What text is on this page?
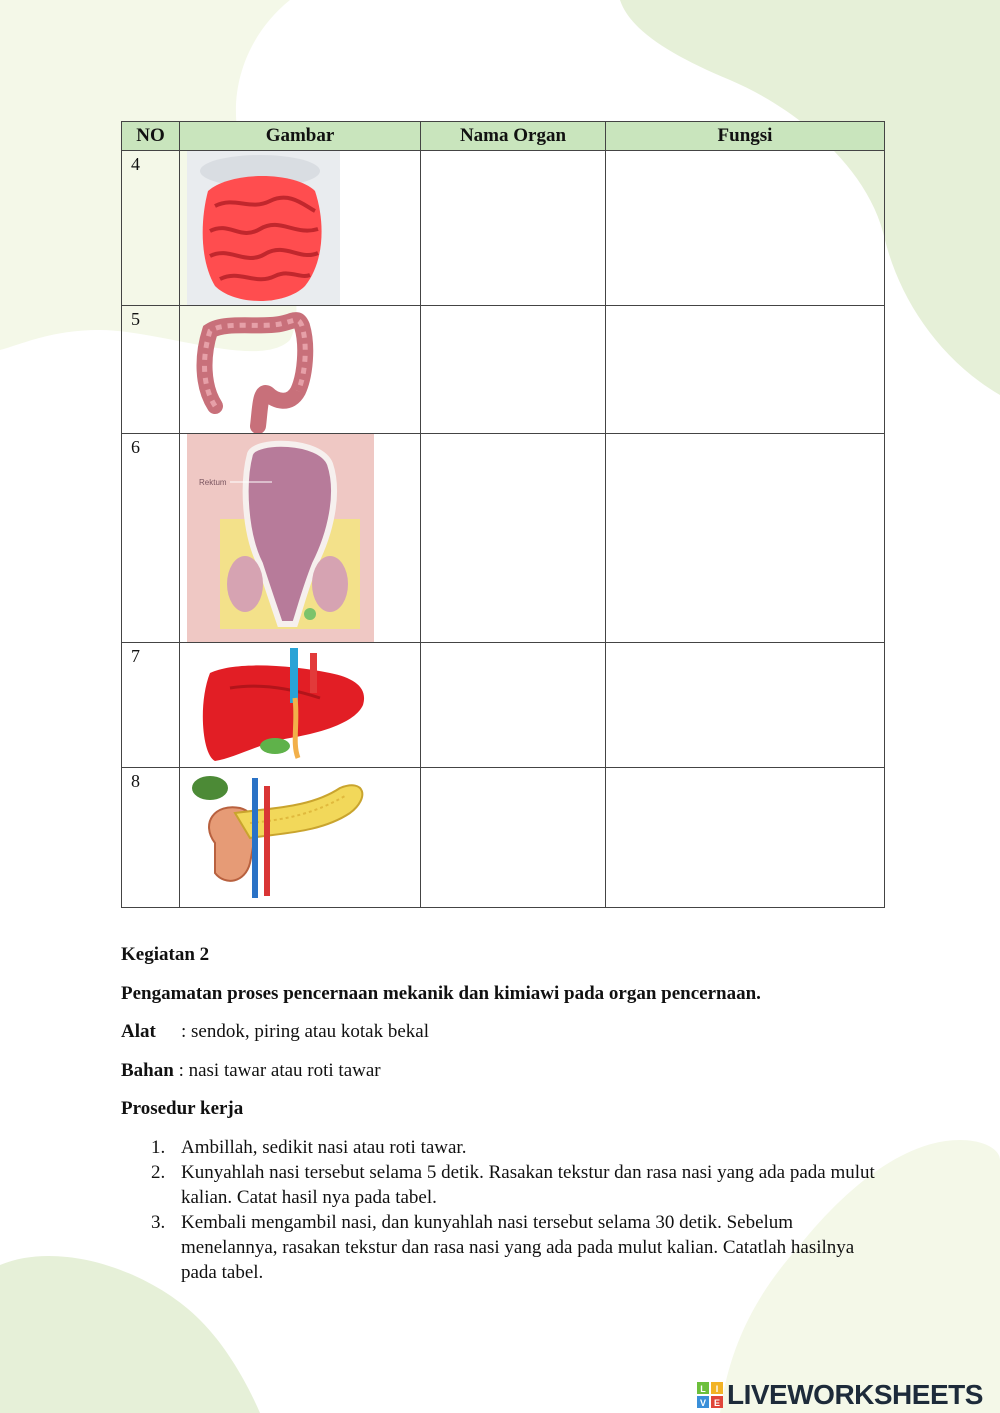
NO	Gambar	Nama Organ	Fungsi
4	

5	

6	Rektum		

7	

8	

Kegiatan 2
Pengamatan proses pencernaan mekanik dan kimiawi pada organ pencernaan.
Alat : sendok, piring atau kotak bekal
Bahan : nasi tawar atau roti tawar
Prosedur kerja
1. Ambillah, sedikit nasi atau roti tawar.
2. Kunyahlah nasi tersebut selama 5 detik. Rasakan tekstur dan rasa nasi yang ada pada mulut kalian. Catat hasil nya pada tabel.
3. Kembali mengambil nasi, dan kunyahlah nasi tersebut selama 30 detik. Sebelum menelannya, rasakan tekstur dan rasa nasi yang ada pada mulut kalian. Catatlah hasilnya pada tabel.
L I
V E LIVEWORKSHEETS
